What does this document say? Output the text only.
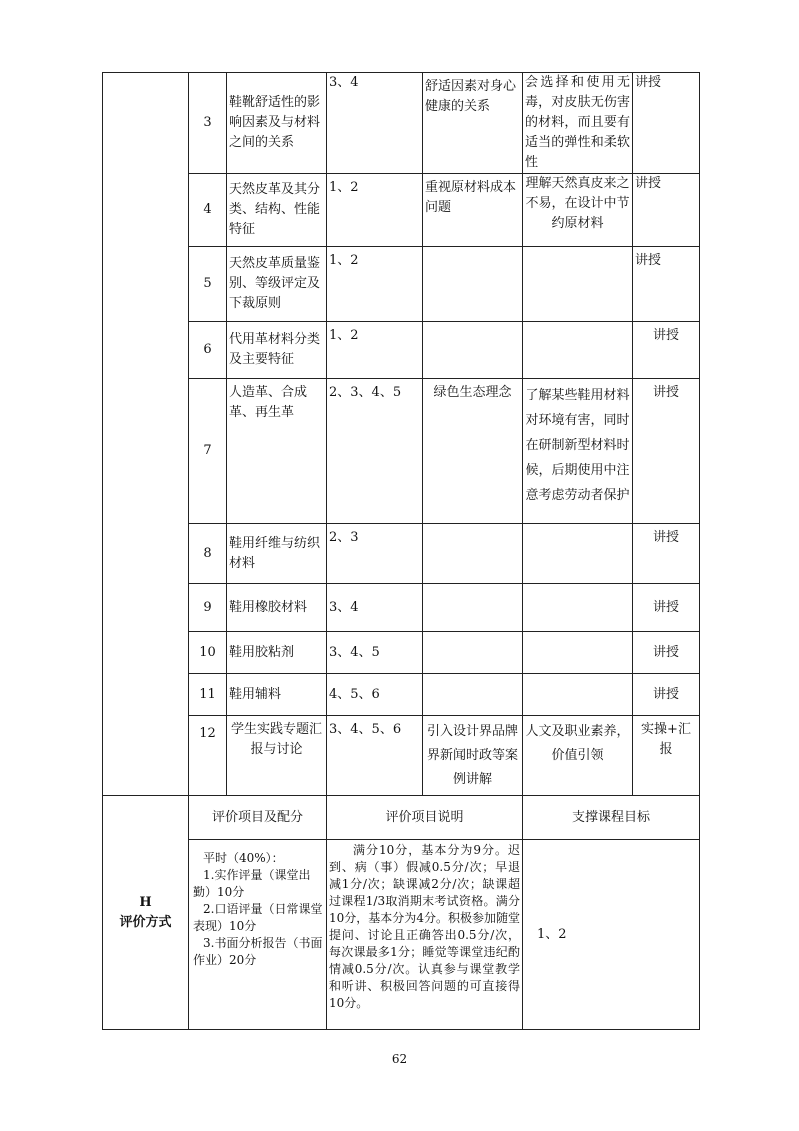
	3	鞋靴舒适性的影响因素及与材料之间的关系	3、4	舒适因素对身心健康的关系	会选择和使用无毒，对皮肤无伤害的材料，而且要有适当的弹性和柔软性	讲授
	4	天然皮革及其分类、结构、性能特征	1、2	重视原材料成本问题	理解天然真皮来之不易，在设计中节约原材料	讲授
	5	天然皮革质量鉴别、等级评定及下裁原则	1、2			讲授
	6	代用革材料分类及主要特征	1、2			讲授
	7	人造革、合成革、再生革	2、3、4、5	绿色生态理念	了解某些鞋用材料对环境有害，同时在研制新型材料时候，后期使用中注意考虑劳动者保护	讲授
	8	鞋用纤维与纺织材料	2、3			讲授
	9	鞋用橡胶材料	3、4			讲授
	10	鞋用胶粘剂	3、4、5			讲授
	11	鞋用辅料	4、5、6			讲授
	12	学生实践专题汇报与讨论	3、4、5、6	引入设计界品牌界新闻时政等案例讲解	人文及职业素养，价值引领	实操+汇报

H
评价方式	评价项目及配分		评价项目说明		支撑课程目标	

	平时（40%）：
1.实作评量（课堂出勤）10分
2.口语评量（日常课堂表现）10分
3.书面分析报告（书面作业）20分		满分10分，基本分为9分。迟到、病（事）假减0.5分/次；早退减1分/次；缺课减2分/次；缺课超过课程1/3取消期末考试资格。满分10分，基本分为4分。积极参加随堂提问、讨论且正确答出0.5分/次，每次课最多1分；睡觉等课堂违纪酌情减0.5分/次。认真参与课堂教学和听讲、积极回答问题的可直接得10分。		1、2	
62
